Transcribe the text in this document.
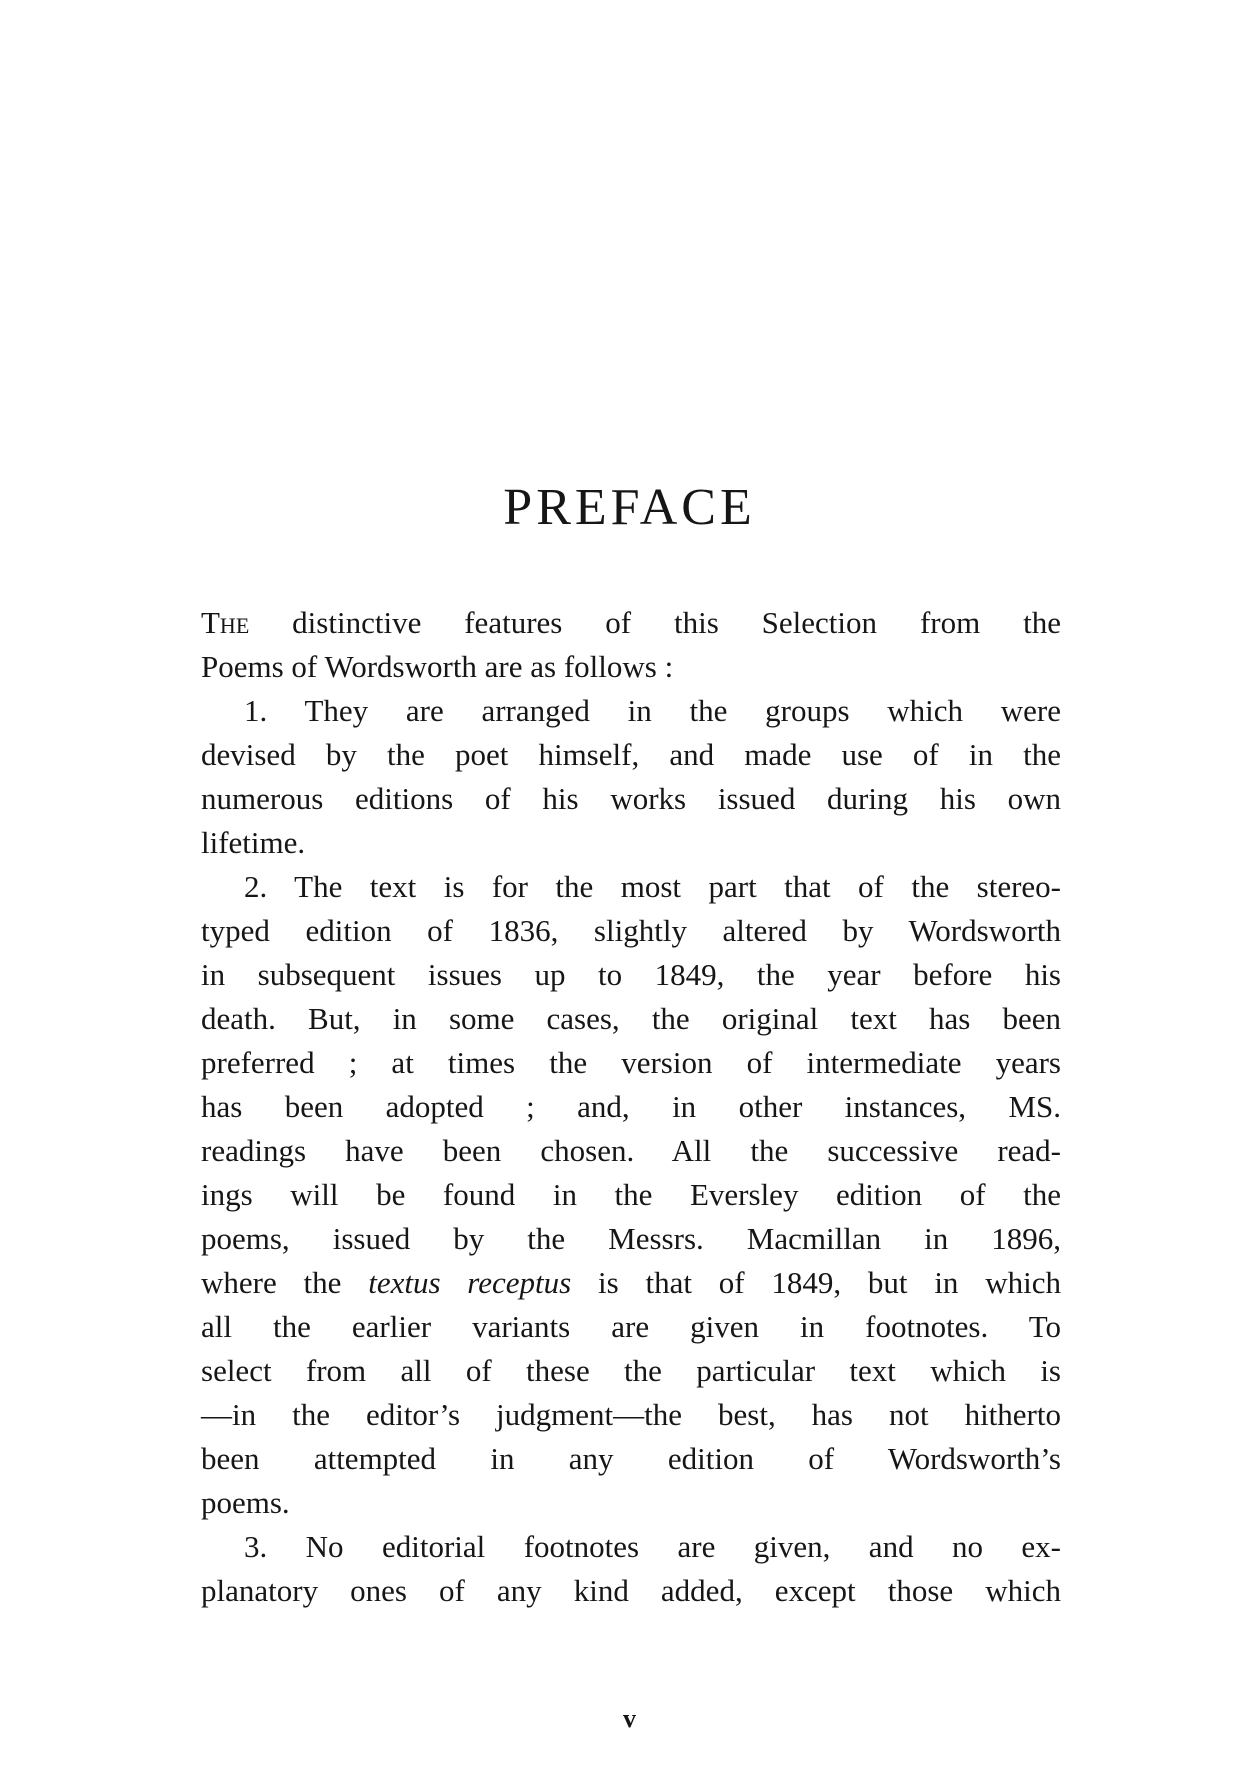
PREFACE
The distinctive features of this Selection from the
Poems of Wordsworth are as follows :
1. They are arranged in the groups which were
devised by the poet himself, and made use of in the
numerous editions of his works issued during his own
lifetime.
2. The text is for the most part that of the stereo-
typed edition of 1836, slightly altered by Wordsworth
in subsequent issues up to 1849, the year before his
death. But, in some cases, the original text has been
preferred ; at times the version of intermediate years
has been adopted ; and, in other instances, MS.
readings have been chosen. All the successive read-
ings will be found in the Eversley edition of the
poems, issued by the Messrs. Macmillan in 1896,
where the textus receptus is that of 1849, but in which
all the earlier variants are given in footnotes. To
select from all of these the particular text which is
—in the editor’s judgment—the best, has not hitherto
been attempted in any edition of Wordsworth’s
poems.
3. No editorial footnotes are given, and no ex-
planatory ones of any kind added, except those which
v
